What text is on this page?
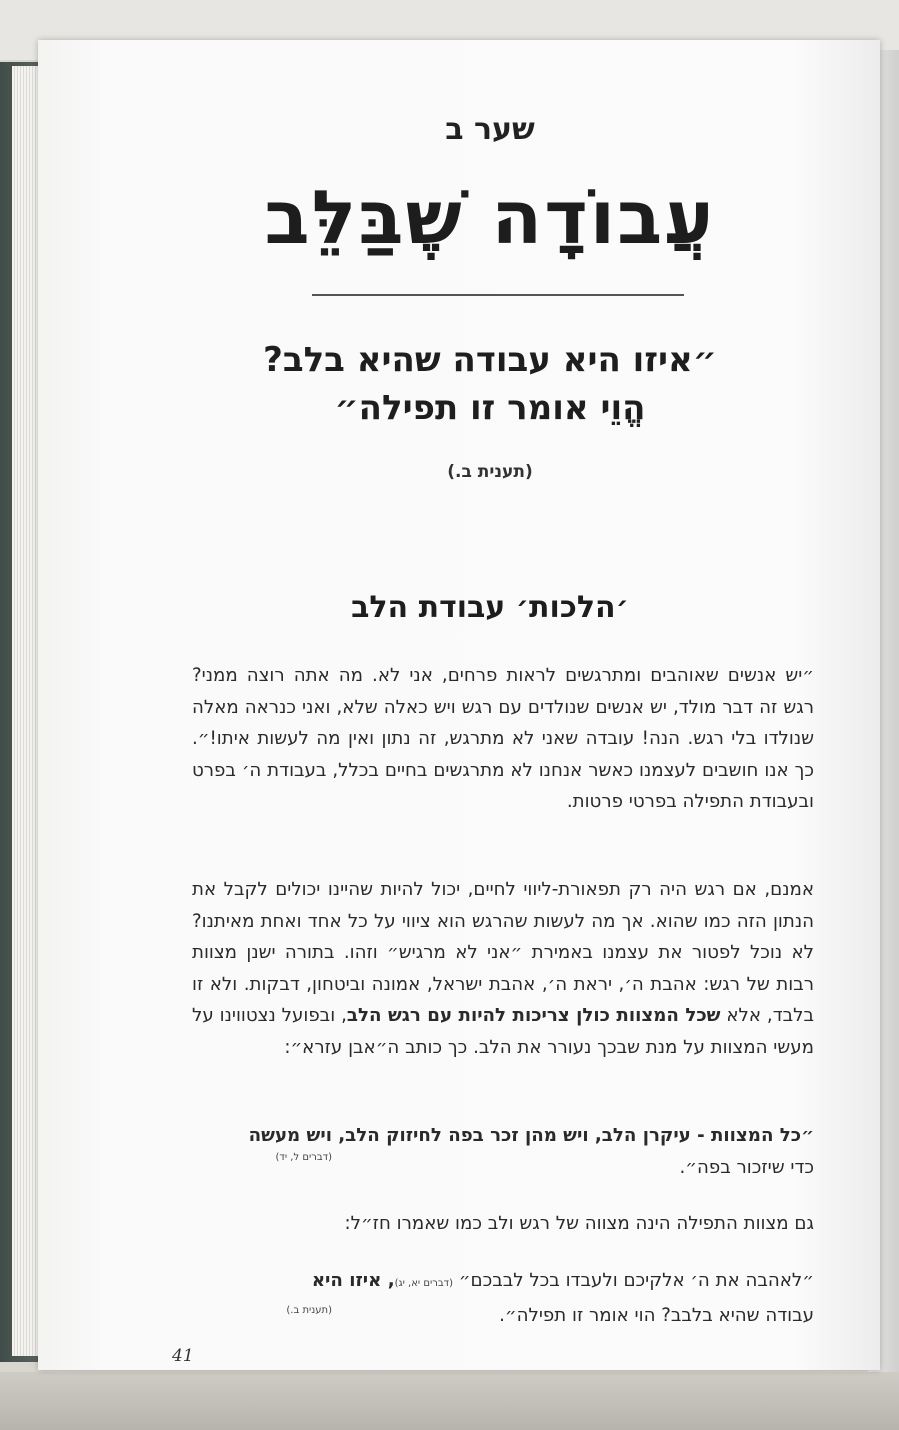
שער ב
עֲבוֹדָה שֶׁבַּלֵּב
״איזו היא עבודה שהיא בלב?
הֱוֵי אומר זו תפילה״
(תענית ב.)
׳הלכות׳ עבודת הלב

״יש אנשים שאוהבים ומתרגשים לראות פרחים, אני לא. מה אתה רוצה ממני? רגש זה דבר מולד, יש אנשים שנולדים עם רגש ויש כאלה שלא, ואני כנראה מאלה שנולדו בלי רגש. הנה! עובדה שאני לא מתרגש, זה נתון ואין מה לעשות איתו!״. כך אנו חושבים לעצמנו כאשר אנחנו לא מתרגשים בחיים בכלל, בעבודת ה׳ בפרט ובעבודת התפילה בפרטי פרטות.

אמנם, אם רגש היה רק תפאורת-ליווי לחיים, יכול להיות שהיינו יכולים לקבל את הנתון הזה כמו שהוא. אך מה לעשות שהרגש הוא ציווי על כל אחד ואחת מאיתנו? לא נוכל לפטור את עצמנו באמירת ״אני לא מרגיש״ וזהו. בתורה ישנן מצוות רבות של רגש: אהבת ה׳, יראת ה׳, אהבת ישראל, אמונה וביטחון, דבקות. ולא זו בלבד, אלא שכל המצוות כולן צריכות להיות עם רגש הלב, ובפועל נצטווינו על מעשי המצוות על מנת שבכך נעורר את הלב. כך כותב ה״אבן עזרא״:

״כל המצוות - עיקרן הלב, ויש מהן זכר בפה לחיזוק הלב, ויש מעשה

כדי שיזכור בפה״.

(דברים ל, יד)

גם מצוות התפילה הינה מצווה של רגש ולב כמו שאמרו חז״ל:

״לאהבה את ה׳ אלקיכם ולעבדו בכל לבבכם״ (דברים יא, יג), איזו היא

עבודה שהיא בלבב? הוי אומר זו תפילה״.

(תענית ב.)
41
